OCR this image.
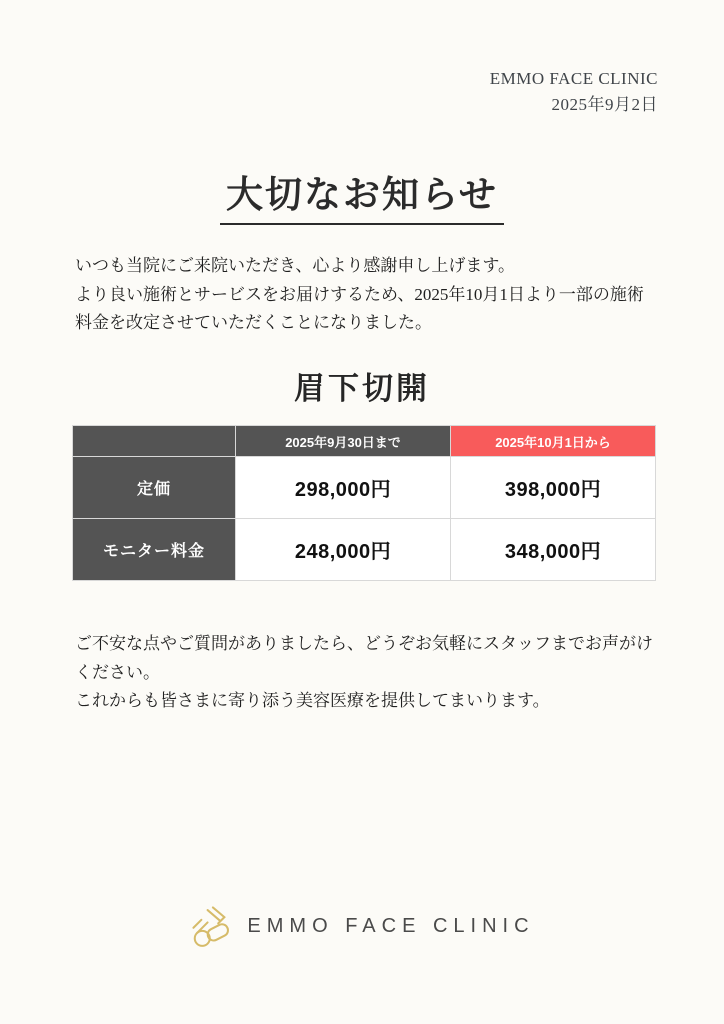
EMMO FACE CLINIC
2025年9月2日
大切なお知らせ
いつも当院にご来院いただき、心より感謝申し上げます。
より良い施術とサービスをお届けするため、2025年10月1日より一部の施術料金を改定させていただくことになりました。
眉下切開
	2025年9月30日まで	2025年10月1日から
定価	298,000円	398,000円
モニター料金	248,000円	348,000円
ご不安な点やご質問がありましたら、どうぞお気軽にスタッフまでお声がけください。
これからも皆さまに寄り添う美容医療を提供してまいります。
EMMO FACE CLINIC
